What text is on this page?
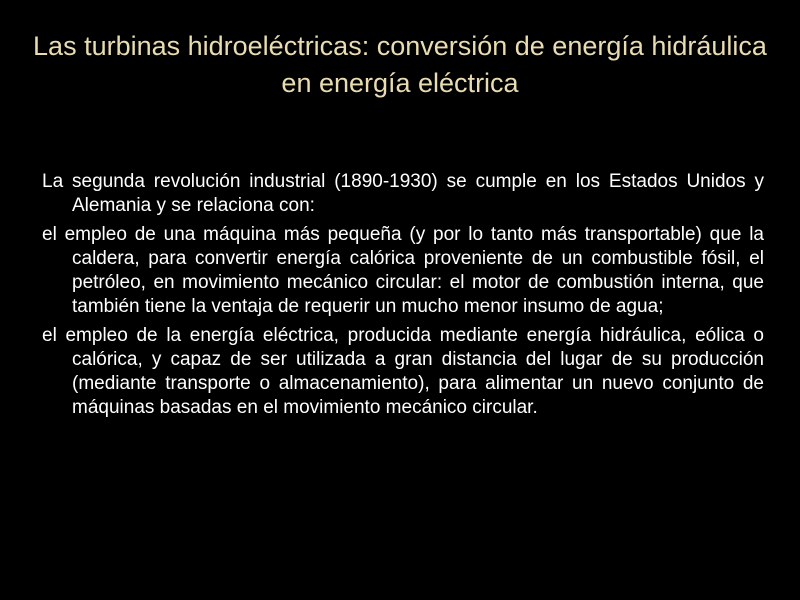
Las turbinas hidroeléctricas: conversión de energía hidráulica en energía eléctrica
La segunda revolución industrial (1890-1930) se cumple en los Estados Unidos y Alemania y se relaciona con:
el empleo de una máquina más pequeña (y por lo tanto más transportable) que la caldera, para convertir energía calórica proveniente de un combustible fósil, el petróleo, en movimiento mecánico circular: el motor de combustión interna, que también tiene la ventaja de requerir un mucho menor insumo de agua;
el empleo de la energía eléctrica, producida mediante energía hidráulica, eólica o calórica, y capaz de ser utilizada a gran distancia del lugar de su producción (mediante transporte o almacenamiento), para alimentar un nuevo conjunto de máquinas basadas en el movimiento mecánico circular.
